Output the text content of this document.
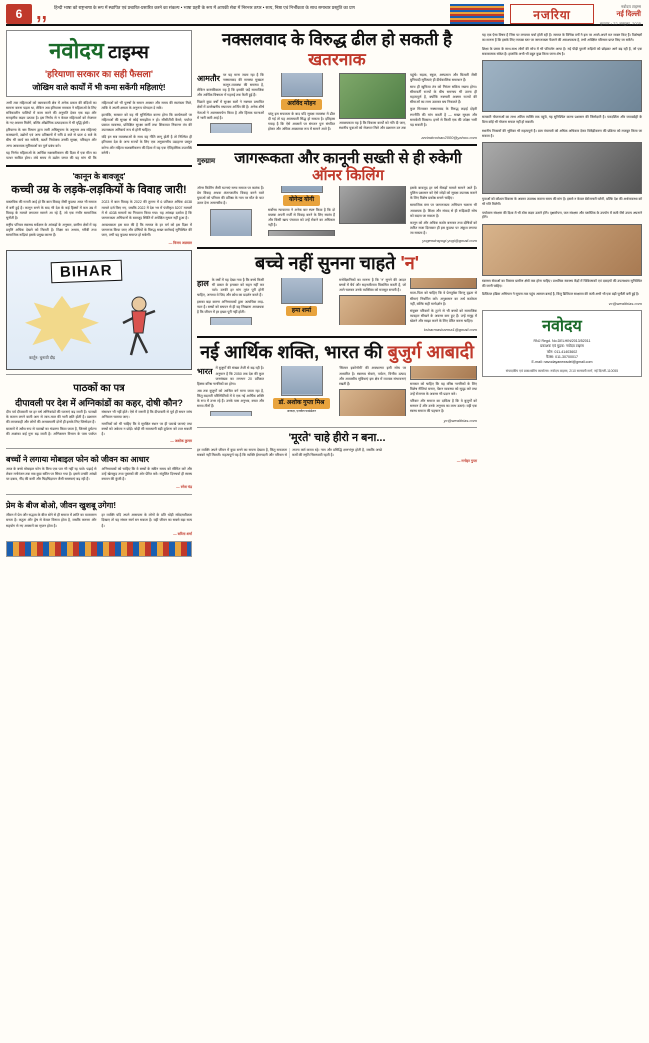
6 ,,	हिन्दी भाषा को राष्ट्रभाषा के रूप में स्थापित एवं प्रचारित-प्रसारित करने का संकल्प • भाषा प्रहरी के रूप में आपकी सेवा में निरन्तर तत्पर • सत्य, निष्ठा एवं निर्भीकता के साथ समाचार प्रस्तुति का प्रण	नजरिया
नवोदय टाइम्स
नई दिल्ली
बुधवार • 22 अक्टूबर, 2025
नवोदय टाइम्स
'हरियाणा सरकार का सही फैसला'
जोखिम वाले कार्यों में भी कमा सकेंगी महिलाएं!

अभी तक महिलाओं को कामकाजी क्षेत्र में अनेक प्रकार की बंदिशों का सामना करना पड़ता था, लेकिन अब हरियाणा सरकार ने महिलाओं के लिए रात्रिकालीन पालियों में काम करने की अनुमति देकर एक बड़ा और सराहनीय कदम उठाया है। इस निर्णय से न केवल महिलाओं को रोजगार के नए अवसर मिलेंगे, बल्कि औद्योगिक उत्पादकता में भी वृद्धि होगी।

हरियाणा के श्रम विभाग द्वारा जारी अधिसूचना के अनुसार अब महिलाएं कारखानों, उद्योगों एवं अन्य प्रतिष्ठानों में रात्रि 8 बजे से प्रातः 6 बजे के बीच भी कार्य कर सकेंगी, बशर्ते नियोक्ता उनकी सुरक्षा, परिवहन और अन्य आवश्यक सुविधाओं का पूर्ण प्रबंध करे।

यह निर्णय महिलाओं के आर्थिक सशक्तीकरण की दिशा में एक मील का पत्थर साबित होगा। लंबे समय से उद्योग जगत की यह मांग थी कि महिलाओं को भी पुरुषों के समान अवसर और समय की स्वतंत्रता मिले, ताकि वे अपनी क्षमता के अनुरूप योगदान दे सकें।

हालांकि, सरकार को यह भी सुनिश्चित करना होगा कि कार्यस्थलों पर महिलाओं की सुरक्षा से कोई समझौता न हो। सीसीटीवी कैमरे, पर्याप्त प्रकाश व्यवस्था, प्रशिक्षित सुरक्षा कर्मी तथा शिकायत निवारण तंत्र की उपलब्धता अनिवार्य रूप से होनी चाहिए।

यदि इन सब व्यवस्थाओं के साथ यह नीति लागू होती है तो निश्चित ही हरियाणा देश के अन्य राज्यों के लिए एक अनुकरणीय उदाहरण प्रस्तुत करेगा और महिला सशक्तीकरण की दिशा में यह एक ऐतिहासिक उपलब्धि बनेगी।

'कानून के बावजूद'
कच्ची उम्र के लड़के-लड़कियों के विवाह जारी!

वास्तविक की गलती आई हो कि बाल विवाह जैसी कुप्रथा आज भी समाज में बनी हुई है। कानून बनने के बाद भी देश के कई हिस्सों में कम उम्र में विवाह के मामले लगातार सामने आ रहे हैं, जो एक गंभीर सामाजिक चुनौती है।

राष्ट्रीय परिवार स्वास्थ्य सर्वेक्षण के आंकड़ों के अनुसार, ग्रामीण क्षेत्रों में यह प्रवृत्ति अधिक देखने को मिलती है। शिक्षा का अभाव, गरीबी तथा सामाजिक रूढ़ियां इसके प्रमुख कारण हैं।

2023 में बाल विवाह के 2022 की तुलना में 6 प्रतिशत अधिक 4038 मामले दर्ज किए गए, जबकि 2022 में देश भर में पंजीकृत 5207 मामलों में से 4038 मामलों का निपटारा किया गया। यह आंकड़ा दर्शाता है कि जागरूकता अभियानों के बावजूद स्थिति में अपेक्षित सुधार नहीं हुआ है।

आवश्यकता इस बात की है कि समाज के हर वर्ग को इस दिशा में जागरूक किया जाए और दोषियों के विरुद्ध सख्त कार्रवाई सुनिश्चित की जाए, तभी यह कुप्रथा समाप्त हो सकेगी।

— विजय अग्रवाल
BIHAR
कार्टून: चुनावी दौड़
पाठकों का पत्र
दीपावली पर देश में अग्निकांडों का कहर, दोषी कौन?

दीप पर्व दीपावली पर हर वर्ष अग्निकांडों की घटनाएं बढ़ जाती हैं। पटाखों के कारण लगने वाली आग से जान-माल की भारी क्षति होती है। प्रशासन की लापरवाही और लोगों की असावधानी दोनों ही इसके लिए जिम्मेदार हैं।

बाजारों में अवैध रूप से पटाखों का भंडारण किया जाता है, जिससे दुर्घटना की आशंका कई गुना बढ़ जाती है। अग्निशमन विभाग के पास पर्याप्त संसाधन भी नहीं होते। ऐसे में जरूरी है कि दीपावली से पूर्व ही सघन जांच अभियान चलाया जाए।

नागरिकों को भी चाहिए कि वे सुरक्षित स्थान पर ही पटाखे जलाएं तथा बच्चों को अकेला न छोड़ें। थोड़ी सी सावधानी बड़ी दुर्घटना को टाल सकती है।

— अशोक कुमार
बच्चों ने लगाया मोबाइल फोन को जीवन का आधार

आज के बच्चे मोबाइल फोन के बिना एक पल भी नहीं रह पाते। पढ़ाई से लेकर मनोरंजन तक सब कुछ स्क्रीन पर सिमट गया है। इससे उनकी आंखों पर दबाव, नींद की कमी और चिड़चिड़ापन जैसी समस्याएं बढ़ रही हैं।

अभिभावकों को चाहिए कि वे बच्चों के स्क्रीन समय को सीमित करें और उन्हें खेलकूद तथा पुस्तकों की ओर प्रेरित करें। संतुलित दिनचर्या ही स्वस्थ बचपन की कुंजी है।

— रमेश चंद्र
प्रेम के बीज बोओ, जीवन खुशबू उगेगा!

जीवन में प्रेम और सद्भाव के बीज बोने से ही समाज में शांति का वातावरण बनता है। कटुता और द्वेष से केवल विनाश होता है, जबकि करुणा और सहयोग से नए अवसरों का सृजन होता है।

हर व्यक्ति यदि अपने आसपास के लोगों के प्रति थोड़ी संवेदनशीलता दिखाए तो यह संसार स्वर्ग बन सकता है। यही जीवन का सबसे बड़ा सत्य है।

— सरिता शर्मा
नक्सलवाद के विरुद्ध ढील हो सकती है खतरनाक

आमतौर पर यह माना जाता रहा है कि नक्सलवाद की समस्या मुख्यतः कानून-व्यवस्था की समस्या है, लेकिन वास्तविकता यह है कि इसकी जड़ें सामाजिक और आर्थिक विषमता में गहराई तक फैली हुई हैं।

पिछले कुछ वर्षों में सुरक्षा बलों ने नक्सल प्रभावित क्षेत्रों में उल्लेखनीय सफलता अर्जित की है। अनेक शीर्ष नेताओं ने आत्मसमर्पण किया है और हिंसक घटनाओं में भारी कमी आई है।

अरविंद मोहन

परंतु इस सफलता के बाद यदि सुरक्षा व्यवस्था में ढील दी गई तो यह आत्मघाती सिद्ध हो सकता है। इतिहास गवाह है कि ऐसे अवसरों पर संगठन पुनः संगठित होकर और अधिक आक्रामक रूप में सामने आते हैं।

आवश्यकता यह है कि विकास कार्यों को गति दी जाए, स्थानीय युवाओं को रोजगार मिले और प्रशासन उन तक पहुंचे। सड़क, स्कूल, अस्पताल और बिजली जैसी बुनियादी सुविधाएं ही दीर्घकालिक समाधान हैं।

साथ ही खुफिया तंत्र को निरंतर सक्रिय रखना होगा। सीमावर्ती राज्यों के बीच समन्वय भी उतना ही महत्वपूर्ण है, क्योंकि नक्सली अक्सर राज्यों की सीमाओं का लाभ उठाकर बच निकलते हैं।

कुल मिलाकर नक्सलवाद के विरुद्ध लड़ाई दोहरी रणनीति की मांग करती है — सख्त सुरक्षा और समावेशी विकास। इनमें से किसी एक की उपेक्षा भारी पड़ सकती है।

arvindmohan2000@yahoo.com
गुरुग्राम	जागरूकता और कानूनी सख्ती से ही रुकेगी ऑनर किलिंग

ऑनर किलिंग जैसी घटनाएं सभ्य समाज पर कलंक हैं। प्रेम विवाह अथवा अंतरजातीय विवाह करने वाले युवाओं को परिवार की प्रतिष्ठा के नाम पर मौत के घाट उतार देना अमानवीय है।

योगेन्द्र योगी

सर्वोच्च न्यायालय ने अनेक बार स्पष्ट किया है कि दो वयस्क अपनी मर्जी से विवाह करने के लिए स्वतंत्र हैं और किसी खाप पंचायत को उन्हें रोकने का अधिकार नहीं है।

इसके बावजूद हर वर्ष सैकड़ों मामले सामने आते हैं। पुलिस प्रशासन को ऐसे जोड़ों को सुरक्षा उपलब्ध कराने के लिए विशेष प्रकोष्ठ बनाने चाहिए।

सामाजिक स्तर पर जागरूकता अभियान चलाना भी आवश्यक है। शिक्षा और संवाद से ही रूढ़िवादी सोच को बदला जा सकता है।

कानून को और अधिक कठोर बनाकर तथा दोषियों को त्वरित सजा दिलाकर ही इस कुप्रथा पर अंकुश लगाया जा सकता है।

yogendrayogi.yogi@gmail.com
बच्चे नहीं सुनना चाहते 'न'

हाल के वर्षों में यह देखा गया है कि बच्चे किसी भी प्रकार के इनकार को सहन नहीं कर पाते। उनकी हर मांग तुरंत पूरी होनी चाहिए, अन्यथा वे जिद और क्रोध का प्रदर्शन करते हैं।

इसका बड़ा कारण अभिभावकों द्वारा अत्यधिक लाड़-प्यार है। बच्चों को बचपन से ही यह सिखाना आवश्यक है कि जीवन में हर इच्छा पूरी नहीं होती।	हमा शर्मा

मनोवैज्ञानिकों का मानना है कि 'न' सुनने की आदत बच्चों में धैर्य और सहनशीलता विकसित करती है, जो आगे चलकर उनके व्यक्तित्व को मजबूत बनाती है।

माता-पिता को चाहिए कि वे प्रेमपूर्वक किन्तु दृढ़ता से सीमाएं निर्धारित करें। अनुशासन का अर्थ कठोरता नहीं, बल्कि सही मार्गदर्शन है।

संयुक्त परिवारों के टूटने से भी बच्चों को सामाजिक व्यवहार सीखने के अवसर कम हुए हैं। उन्हें समूह में खेलने और साझा करने के लिए प्रेरित करना चाहिए।

ksharmasharma1@gmail.com
नई आर्थिक शक्ति, भारत की बुजुर्ग आबादी

भारत में बुजुर्गों की संख्या तेजी से बढ़ रही है। अनुमान है कि 2050 तक देश की कुल जनसंख्या का लगभग 20 प्रतिशत हिस्सा वरिष्ठ नागरिकों का होगा।

अब तक बुजुर्गों को आश्रित वर्ग माना जाता रहा है, किंतु बदलती परिस्थितियों में वे एक नई आर्थिक शक्ति के रूप में उभर रहे हैं। उनके पास अनुभव, बचत और समय तीनों हैं।

डॉ. अशोक गुप्ता मिश्र
अध्यक्ष, एजवेल फाउंडेशन

'सिल्वर इकोनॉमी' की अवधारणा इसी सोच पर आधारित है। स्वास्थ्य सेवाएं, पर्यटन, वित्तीय उत्पाद और आवासीय सुविधाएं इस क्षेत्र में व्यापक संभावनाएं रखती हैं।	सरकार को चाहिए कि वह वरिष्ठ नागरिकों के लिए विशेष नीतियां बनाए, पेंशन व्यवस्था को सुदृढ़ करे तथा उन्हें रोजगार के अवसर भी प्रदान करे।

परिवार और समाज का दायित्व है कि वे बुजुर्गों को सम्मान दें और उनके अनुभव का लाभ उठाएं। यही एक स्वस्थ समाज की पहचान है।

yc@wealthias.com
'मूरते' चाहे हीरो न बना...

हर व्यक्ति अपने जीवन में कुछ बनने का सपना देखता है, किंतु सफलता सबको नहीं मिलती। महत्वपूर्ण यह है कि व्यक्ति ईमानदारी और परिश्रम से अपना कर्म करता रहे। नाम और प्रसिद्धि क्षणभंगुर होती है, जबकि अच्छे कर्मों की स्मृति चिरस्थायी रहती है।

— मनोहर गुप्ता

यह एक ऐसा विषय है जिस पर लगातार चर्चा होती रही है। समाज के विभिन्न वर्गों ने इस पर अपने-अपने मत व्यक्त किए हैं। विशेषज्ञों का मानना है कि इसके लिए व्यापक स्तर पर जागरूकता फैलाने की आवश्यकता है, तभी अपेक्षित परिणाम प्राप्त किए जा सकेंगे।

शिक्षा के प्रसार के साथ-साथ लोगों की सोच में भी परिवर्तन आया है। नई पीढ़ी पुरानी रूढ़ियों को छोड़कर आगे बढ़ रही है, जो एक सकारात्मक संकेत है। हालांकि अभी भी बहुत कुछ किया जाना शेष है।

सरकारी योजनाओं का लाभ अंतिम व्यक्ति तक पहुंचे, यह सुनिश्चित करना प्रशासन की जिम्मेदारी है। पारदर्शिता और जवाबदेही के बिना कोई भी योजना सफल नहीं हो सकती।

स्थानीय निकायों की भूमिका भी महत्वपूर्ण है। ग्राम पंचायतों को अधिक अधिकार देकर विकेंद्रीकरण की प्रक्रिया को मजबूत किया जा सकता है।

युवाओं को कौशल विकास के अवसर उपलब्ध कराना समय की मांग है। इससे न केवल बेरोजगारी घटेगी, बल्कि देश की अर्थव्यवस्था को भी गति मिलेगी।

पर्यावरण संरक्षण की दिशा में भी ठोस कदम उठाने होंगे। वृक्षारोपण, जल संरक्षण और प्लास्टिक के उपयोग में कमी जैसे उपाय अपनाने होंगे।

स्वास्थ्य सेवाओं का विस्तार ग्रामीण क्षेत्रों तक होना चाहिए। प्राथमिक स्वास्थ्य केंद्रों में चिकित्सकों एवं दवाइयों की उपलब्धता सुनिश्चित की जानी चाहिए।

डिजिटल इंडिया अभियान ने सूचना तक पहुंच आसान बनाई है, किंतु डिजिटल साक्षरता की कमी अभी भी एक बड़ी चुनौती बनी हुई है।

vc@wealthias.com
नवोदय
RNJ Regd. No.DELHIN/2013/52011
प्रकाशक एवं मुद्रक: नवोदय टाइम्स
फोन: 011-41403602
फैक्स: 011-30700017
E-mail: navodayanewsdel@gmail.com
संपादकीय एवं प्रकाशकीय कार्यालय: नवोदय टाइम्स, 2/10 सरस्वती मार्ग, नई दिल्ली-110055
